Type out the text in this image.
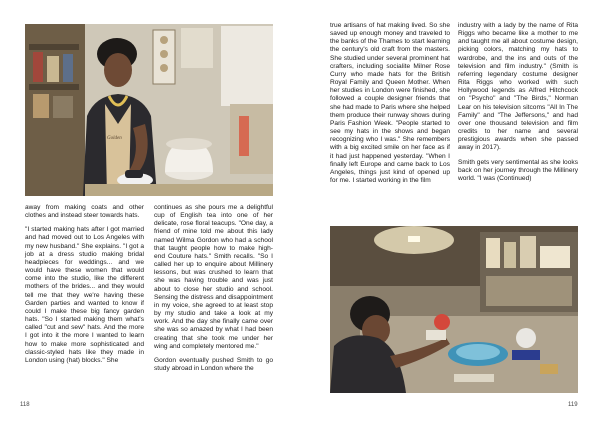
Golden

away from making coats and other clothes and instead steer towards hats.

"I started making hats after I got married and had moved out to Los Angeles with my new husband." She explains. "I got a job at a dress studio making bridal headpieces for weddings... and we would have these women that would come into the studio, like the different mothers of the brides... and they would tell me that they we're having these Garden parties and wanted to know if could I make these big fancy garden hats. "So I started making them what's called "cut and sew" hats. And the more I got into it the more I wanted to learn how to make more sophisticated and classic-styled hats like they made in London using (hat) blocks." She

continues as she pours me a delightful cup of English tea into one of her delicate, rose floral teacups. "One day, a friend of mine told me about this lady named Wilma Gordon who had a school that taught people how to make high-end Couture hats." Smith recalls. "So I called her up to enquire about Millinery lessons, but was crushed to learn that she was having trouble and was just about to close her studio and school. Sensing the distress and disappointment in my voice, she agreed to at least stop by my studio and take a look at my work. And the day she finally came over she was so amazed by what I had been creating that she took me under her wing and completely mentored me."

Gordon eventually pushed Smith to go study abroad in London where the

118

true artisans of hat making lived. So she saved up enough money and traveled to the banks of the Thames to start learning the century's old craft from the masters. She studied under several prominent hat crafters, including socialite Milner Rose Curry who made hats for the British Royal Family and Queen Mother. When her studies in London were finished, she followed a couple designer friends that she had made to Paris where she helped them produce their runway shows during Paris Fashion Week. "People started to see my hats in the shows and began recognizing who I was." She remembers with a big excited smile on her face as if it had just happened yesterday. "When I finally left Europe and came back to Los Angeles, things just kind of opened up for me. I started working in the film

industry with a lady by the name of Rita Riggs who became like a mother to me and taught me all about costume design, picking colors, matching my hats to wardrobe, and the ins and outs of the television and film industry." (Smith is referring legendary costume designer Rita Riggs who worked with such Hollywood legends as Alfred Hitchcock on "Psycho" and "The Birds," Norman Lear on his television sitcoms "All In The Family" and "The Jeffersons," and had over one thousand television and film credits to her name and several prestigious awards when she passed away in 2017).

Smith gets very sentimental as she looks back on her journey through the Millinery world. "I was (Continued)

119
